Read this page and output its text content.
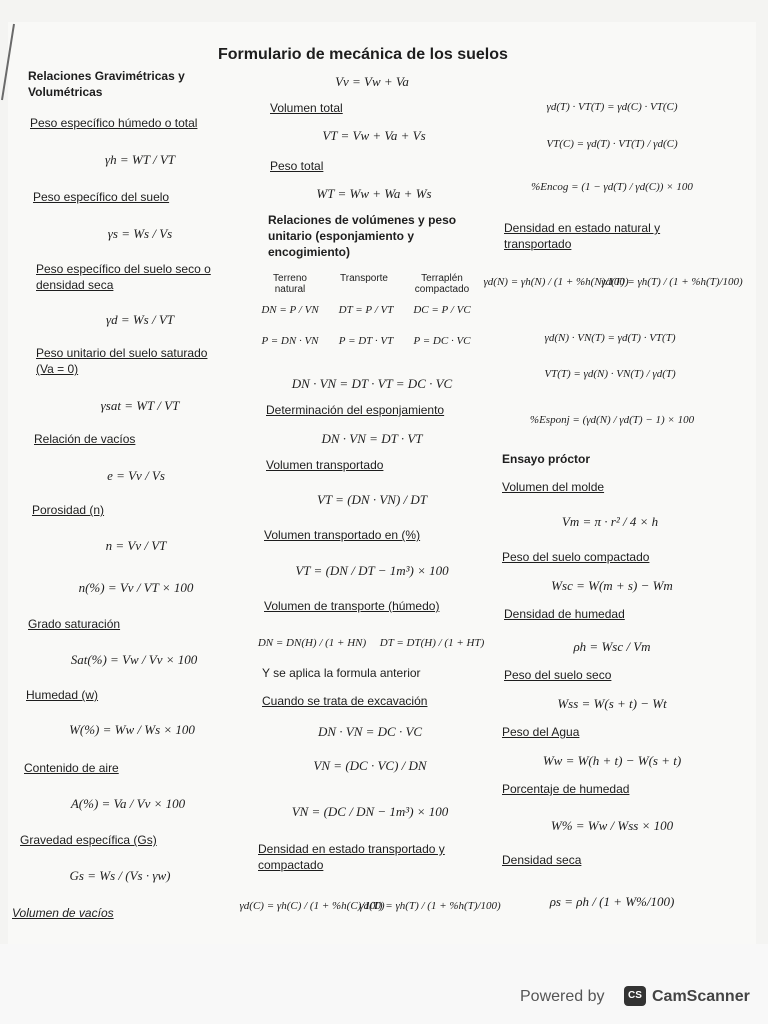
Formulario de mecánica de los suelos
Relaciones Gravimétricas y
Volumétricas
Peso específico húmedo o total
γh = WT / VT
Peso específico del suelo
γs = Ws / Vs
Peso específico del suelo seco o
densidad seca
γd = Ws / VT
Peso unitario del suelo saturado
(Va = 0)
γsat = WT / VT
Relación de vacíos
e = Vv / Vs
Porosidad (n)
n = Vv / VT
n(%) = Vv / VT × 100
Grado saturación
Sat(%) = Vw / Vv × 100
Humedad (w)
W(%) = Ww / Ws × 100
Contenido de aire
A(%) = Va / Vv × 100
Gravedad específica (Gs)
Gs = Ws / (Vs · γw)
Volumen de vacíos
Vv = Vw + Va
Volumen total
VT = Vw + Va + Vs
Peso total
WT = Ww + Wa + Ws
Relaciones de volúmenes y peso
unitario (esponjamiento y
encogimiento)
Terreno
natural
Transporte	Terraplén
compactado
DN = P / VN DT = P / VT DC = P / VC
P = DN · VN P = DT · VT P = DC · VC
DN · VN = DT · VT = DC · VC
Determinación del esponjamiento
DN · VN = DT · VT
Volumen transportado
VT = (DN · VN) / DT
Volumen transportado en (%)
VT = (DN / DT − 1m³) × 100
Volumen de transporte (húmedo)
DN = DN(H) / (1 + HN) DT = DT(H) / (1 + HT)
Y se aplica la formula anterior
Cuando se trata de excavación
DN · VN = DC · VC
VN = (DC · VC) / DN
VN = (DC / DN − 1m³) × 100
Densidad en estado transportado y
compactado
γd(C) = γh(C) / (1 + %h(C)/100)
γd(T) = γh(T) / (1 + %h(T)/100)
γd(T) · VT(T) = γd(C) · VT(C)
VT(C) = γd(T) · VT(T) / γd(C)
%Encog = (1 − γd(T) / γd(C)) × 100
Densidad en estado natural y
transportado
γd(N) = γh(N) / (1 + %h(N)/100)
γd(T) = γh(T) / (1 + %h(T)/100)
γd(N) · VN(T) = γd(T) · VT(T)
VT(T) = γd(N) · VN(T) / γd(T)
%Esponj = (γd(N) / γd(T) − 1) × 100
Ensayo próctor
Volumen del molde
Vm = π · r² / 4 × h
Peso del suelo compactado
Wsc = W(m + s) − Wm
Densidad de humedad
ρh = Wsc / Vm
Peso del suelo seco
Wss = W(s + t) − Wt
Peso del Agua
Ww = W(h + t) − W(s + t)
Porcentaje de humedad
W% = Ww / Wss × 100
Densidad seca
ρs = ρh / (1 + W%/100)
Powered by	CS CamScanner
